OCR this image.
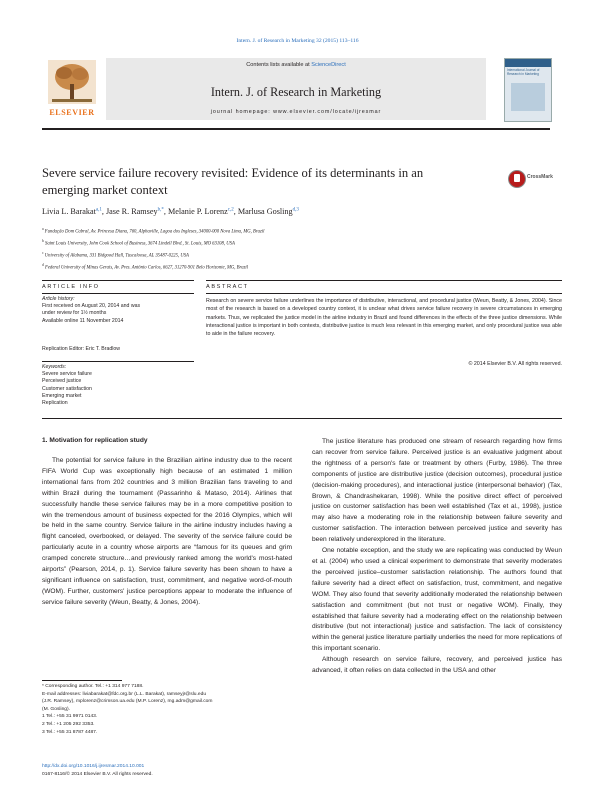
Intern. J. of Research in Marketing 32 (2015) 113–116
ELSEVIER
Contents lists available at ScienceDirect
Intern. J. of Research in Marketing
journal homepage: www.elsevier.com/locate/ijresmar
International Journal of Research in Marketing
Severe service failure recovery revisited: Evidence of its determinants in an emerging market context
CrossMark
Livia L. Barakat$^{a,1}$, Jase R. Ramsey$^{b,*}$, Melanie P. Lorenz$^{c,2}$, Marlusa Gosling$^{d,3}$
$^a$ Fundação Dom Cabral, Av. Princesa Diana, 760, Alphaville, Lagoa dos Ingleses, 34000-000 Nova Lima, MG, Brazil
$^b$ Saint Louis University, John Cook School of Business, 3674 Lindell Blvd., St. Louis, MO 63108, USA
$^c$ University of Alabama, 331 Bidgood Hall, Tuscaloosa, AL 35487-0225, USA
$^d$ Federal University of Minas Gerais, Av. Pres. Antônio Carlos, 6627, 31270-901 Belo Horizonte, MG, Brazil
ARTICLE INFO	ABSTRACT
Article history:
First received on August 20, 2014 and was
under review for 1½ months
Available online 11 November 2014
Replication Editor: Eric T. Bradlow
Keywords:
Severe service failure
Perceived justice
Customer satisfaction
Emerging market
Replication
Research on severe service failure underlines the importance of distributive, interactional, and procedural justice (Weun, Beatty, & Jones, 2004). Since most of the research is based on a developed country context, it is unclear what drives service failure recovery in severe circumstances in emerging markets. Thus, we replicated the justice model in the airline industry in Brazil and found differences in the effects of the three justice dimensions. While interactional justice is important in both contexts, distributive justice is much less relevant in this emerging market, and only procedural justice was able to aide in the failure recovery.
© 2014 Elsevier B.V. All rights reserved.
1. Motivation for replication study

The potential for service failure in the Brazilian airline industry due to the recent FIFA World Cup was exceptionally high because of an estimated 1 million international fans from 202 countries and 3 million Brazilian fans traveling to and within Brazil during the tournament (Passarinho & Mataso, 2014). Airlines that successfully handle these service failures may be in a more competitive position to win the tremendous amount of business expected for the 2016 Olympics, which will be held in the same country. Service failure in the airline industry includes having a flight canceled, overbooked, or delayed. The severity of the service failure could be particularly acute in a country whose airports are “famous for its queues and grim cramped concrete structure…and previously ranked among the world's most-hated airports” (Pearson, 2014, p. 1). Service failure severity has been shown to have a significant influence on satisfaction, trust, commitment, and negative word-of-mouth (WOM). Further, customers' justice perceptions appear to moderate the influence of service failure severity (Weun, Beatty, & Jones, 2004).

The justice literature has produced one stream of research regarding how firms can recover from service failure. Perceived justice is an evaluative judgment about the rightness of a person's fate or treatment by others (Furby, 1986). The three components of justice are distributive justice (decision outcomes), procedural justice (decision-making procedures), and interactional justice (interpersonal behavior) (Tax, Brown, & Chandrashekaran, 1998). While the positive direct effect of perceived justice on customer satisfaction has been well established (Tax et al., 1998), justice may also have a moderating role in the relationship between failure severity and customer satisfaction. The interaction between perceived justice and severity has been relatively underexplored in the literature.

One notable exception, and the study we are replicating was conducted by Weun et al. (2004) who used a clinical experiment to demonstrate that severity moderates the perceived justice–customer satisfaction relationship. The authors found that failure severity had a direct effect on satisfaction, trust, commitment, and negative WOM. They also found that severity additionally moderated the relationship between satisfaction and commitment (but not trust or negative WOM). Finally, they established that failure severity had a moderating effect on the relationship between distributive (but not interactional) justice and satisfaction. The lack of consistency within the general justice literature partially underlies the need for more replications of this important scenario.

Although research on service failure, recovery, and perceived justice has advanced, it often relies on data collected in the USA and other

* Corresponding author. Tel.: +1 314 977 7188.
E-mail addresses: liviabarakat@fdc.org.br (L.L. Barakat), ramseyjr@slu.edu
(J.R. Ramsey), mplorenz@crimson.ua.edu (M.P. Lorenz), mg.adm@gmail.com
(M. Gosling).
1 Tel.: +55 31 9971 0143.
2 Tel.: +1 205 292 3353.
3 Tel.: +55 31 8787 4487.
http://dx.doi.org/10.1016/j.ijresmar.2014.10.001
0167-8116/© 2014 Elsevier B.V. All rights reserved.
